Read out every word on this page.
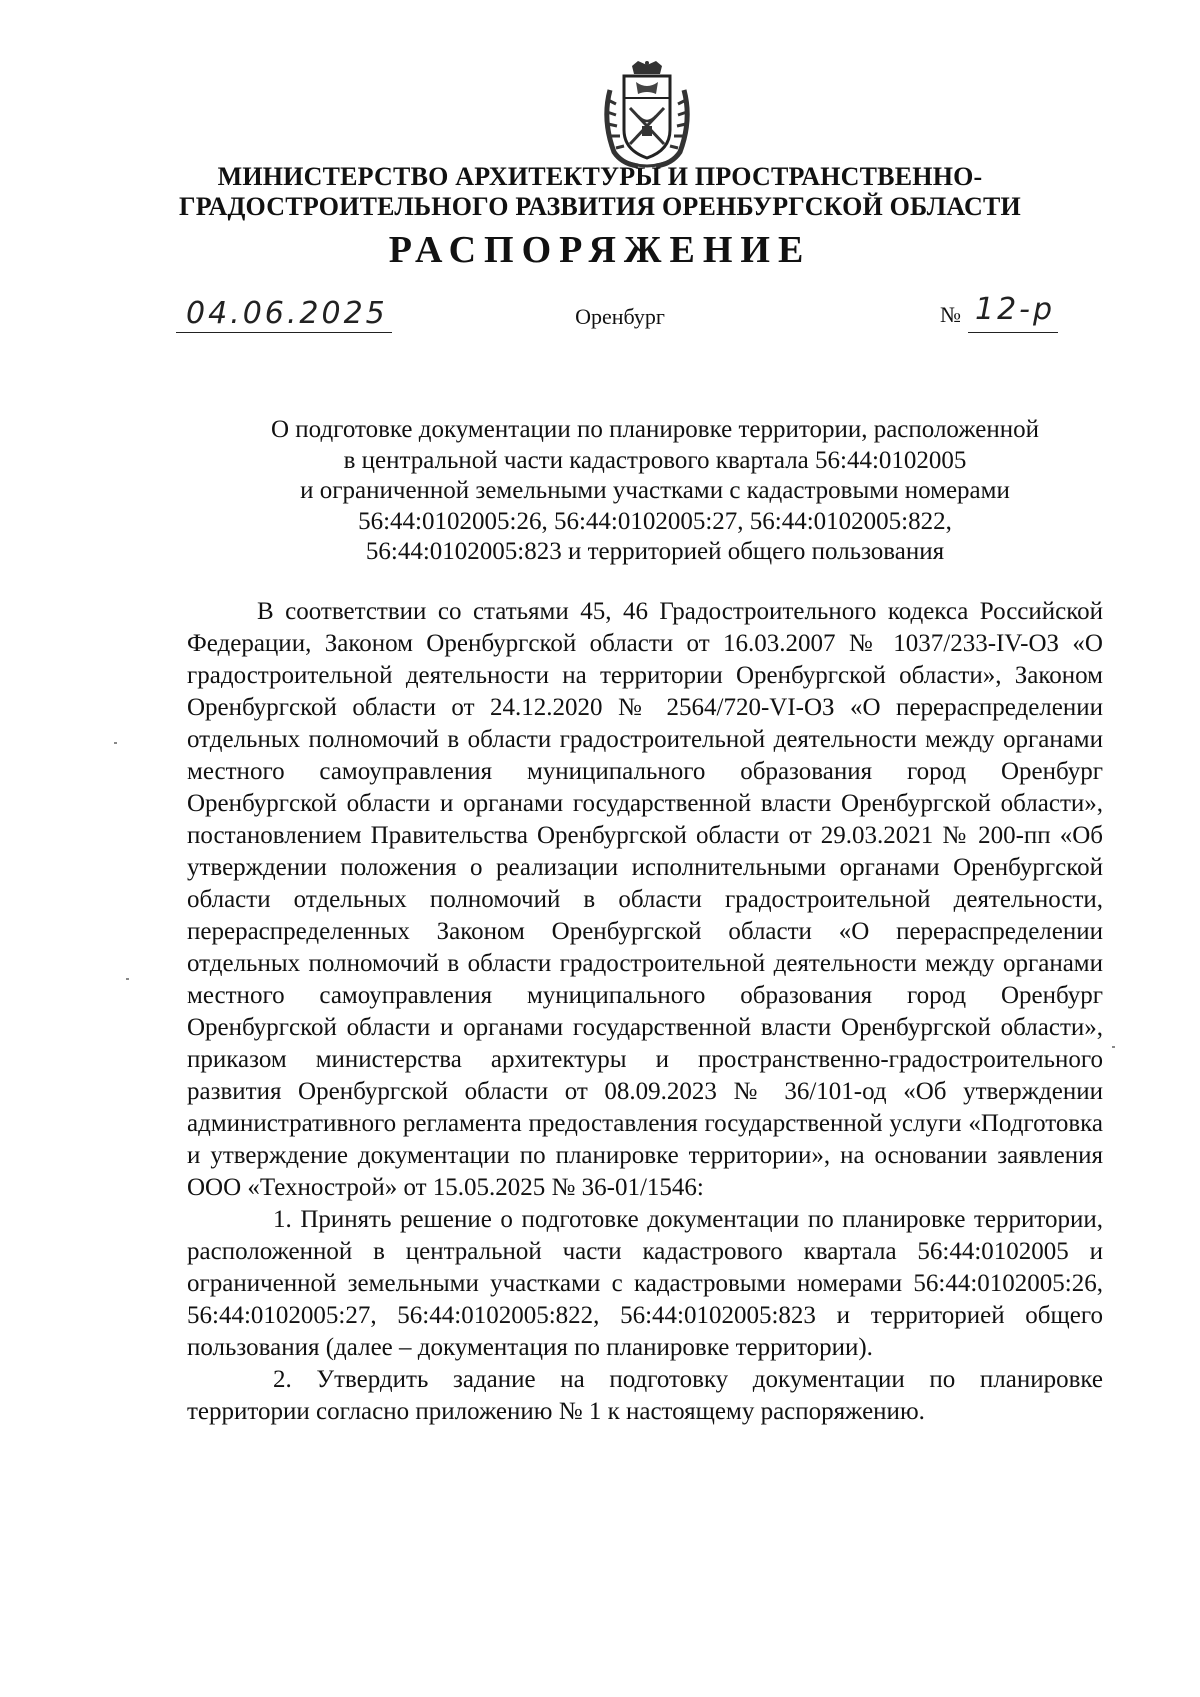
МИНИСТЕРСТВО АРХИТЕКТУРЫ И ПРОСТРАНСТВЕННО-
ГРАДОСТРОИТЕЛЬНОГО РАЗВИТИЯ ОРЕНБУРГСКОЙ ОБЛАСТИ
РАСПОРЯЖЕНИЕ
04.06.2025	Оренбург	№ 12-р
О подготовке документации по планировке территории, расположенной
в центральной части кадастрового квартала 56:44:0102005
и ограниченной земельными участками с кадастровыми номерами
56:44:0102005:26, 56:44:0102005:27, 56:44:0102005:822,
56:44:0102005:823 и территорией общего пользования

В соответствии со статьями 45, 46 Градостроительного кодекса Российской Федерации, Законом Оренбургской области от 16.03.2007 № 1037/233-IV-ОЗ «О градостроительной деятельности на территории Оренбургской области», Законом Оренбургской области от 24.12.2020 № 2564/720-VI-ОЗ «О перераспределении отдельных полномочий в области градостроительной деятельности между органами местного самоуправления муниципального образования город Оренбург Оренбургской области и органами государственной власти Оренбургской области», постановлением Правительства Оренбургской области от 29.03.2021 № 200-пп «Об утверждении положения о реализации исполнительными органами Оренбургской области отдельных полномочий в области градостроительной деятельности, перераспределенных Законом Оренбургской области «О перераспределении отдельных полномочий в области градостроительной деятельности между органами местного самоуправления муниципального образования город Оренбург Оренбургской области и органами государственной власти Оренбургской области», приказом министерства архитектуры и пространственно-градостроительного развития Оренбургской области от 08.09.2023 № 36/101-од «Об утверждении административного регламента предоставления государственной услуги «Подготовка и утверждение документации по планировке территории», на основании заявления ООО «Технострой» от 15.05.2025 № 36-01/1546:

1. Принять решение о подготовке документации по планировке территории, расположенной в центральной части кадастрового квартала 56:44:0102005 и ограниченной земельными участками с кадастровыми номерами 56:44:0102005:26, 56:44:0102005:27, 56:44:0102005:822, 56:44:0102005:823 и территорией общего пользования (далее – документация по планировке территории).

2. Утвердить задание на подготовку документации по планировке территории согласно приложению № 1 к настоящему распоряжению.
